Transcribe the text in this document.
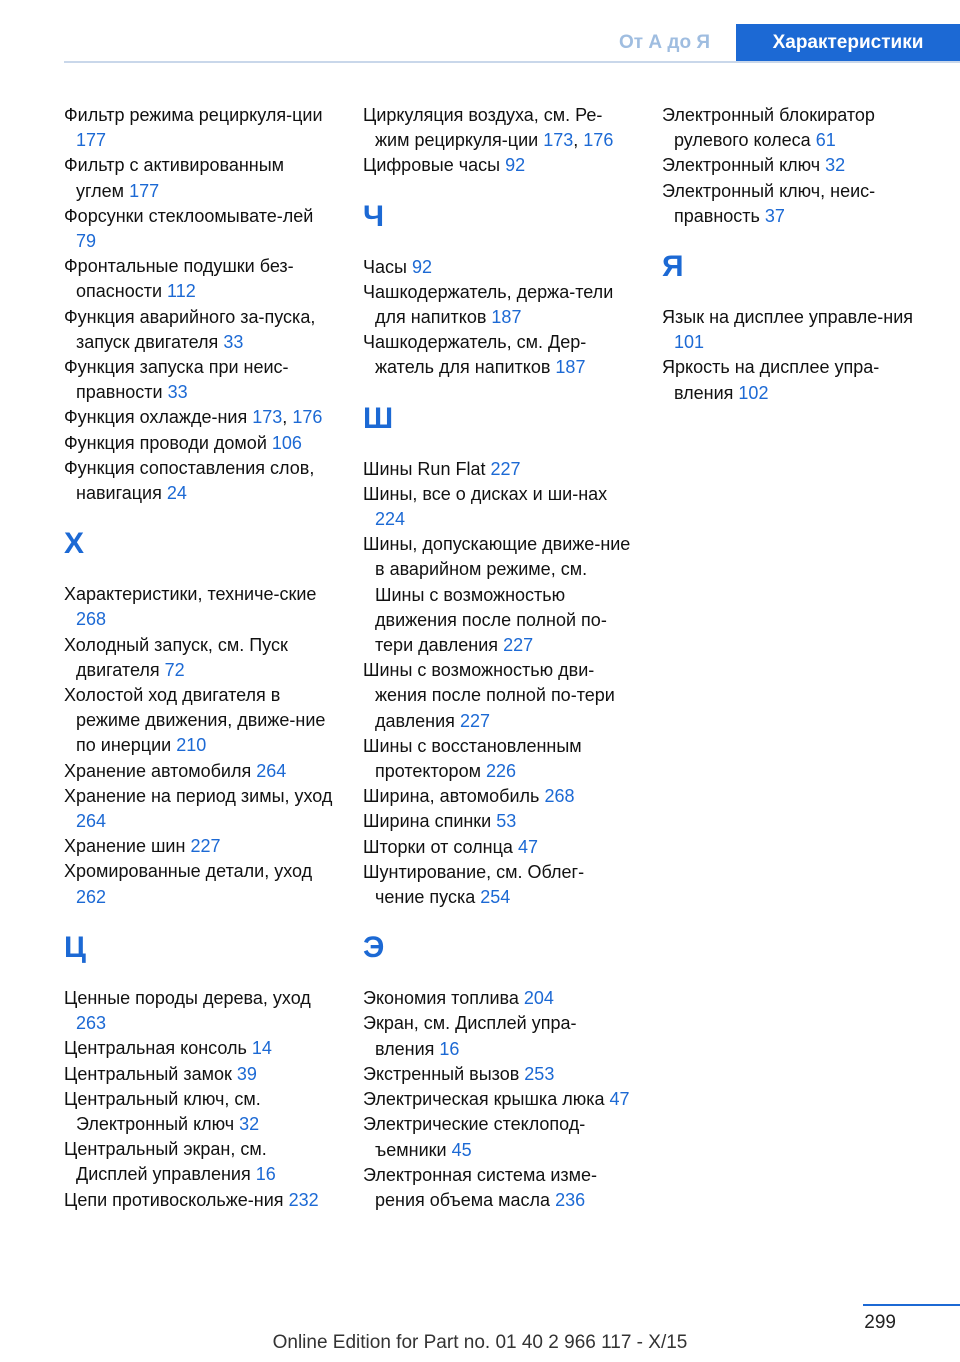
От А до Я	Характеристики
Фильтр режима рециркуля-ции 177
Фильтр с активированным углем 177
Форсунки стеклоомывате-лей 79
Фронтальные подушки без-опасности 112
Функция аварийного за-пуска, запуск двигателя 33
Функция запуска при неис-правности 33
Функция охлажде-ния 173, 176
Функция проводи домой 106
Функция сопоставления слов, навигация 24
Х
Характеристики, техниче-ские 268
Холодный запуск, см. Пуск двигателя 72
Холостой ход двигателя в режиме движения, движе-ние по инерции 210
Хранение автомобиля 264
Хранение на период зимы, уход 264
Хранение шин 227
Хромированные детали, уход 262
Ц
Ценные породы дерева, уход 263
Центральная консоль 14
Центральный замок 39
Центральный ключ, см. Электронный ключ 32
Центральный экран, см. Дисплей управления 16
Цепи противоскольже-ния 232
Циркуляция воздуха, см. Ре-жим рециркуля-ции 173, 176
Цифровые часы 92
Ч
Часы 92
Чашкодержатель, держа-тели для напитков 187
Чашкодержатель, см. Дер-жатель для напитков 187
Ш
Шины Run Flat 227
Шины, все о дисках и ши-нах 224
Шины, допускающие движе-ние в аварийном режиме, см. Шины с возможностью движения после полной по-тери давления 227
Шины с возможностью дви-жения после полной по-тери давления 227
Шины с восстановленным протектором 226
Ширина, автомобиль 268
Ширина спинки 53
Шторки от солнца 47
Шунтирование, см. Облег-чение пуска 254
Э
Экономия топлива 204
Экран, см. Дисплей упра-вления 16
Экстренный вызов 253
Электрическая крышка люка 47
Электрические стеклопод-ъемники 45
Электронная система изме-рения объема масла 236
Электронный блокиратор рулевого колеса 61
Электронный ключ 32
Электронный ключ, неис-правность 37
Я
Язык на дисплее управле-ния 101
Яркость на дисплее упра-вления 102
299
Online Edition for Part no. 01 40 2 966 117 - X/15
